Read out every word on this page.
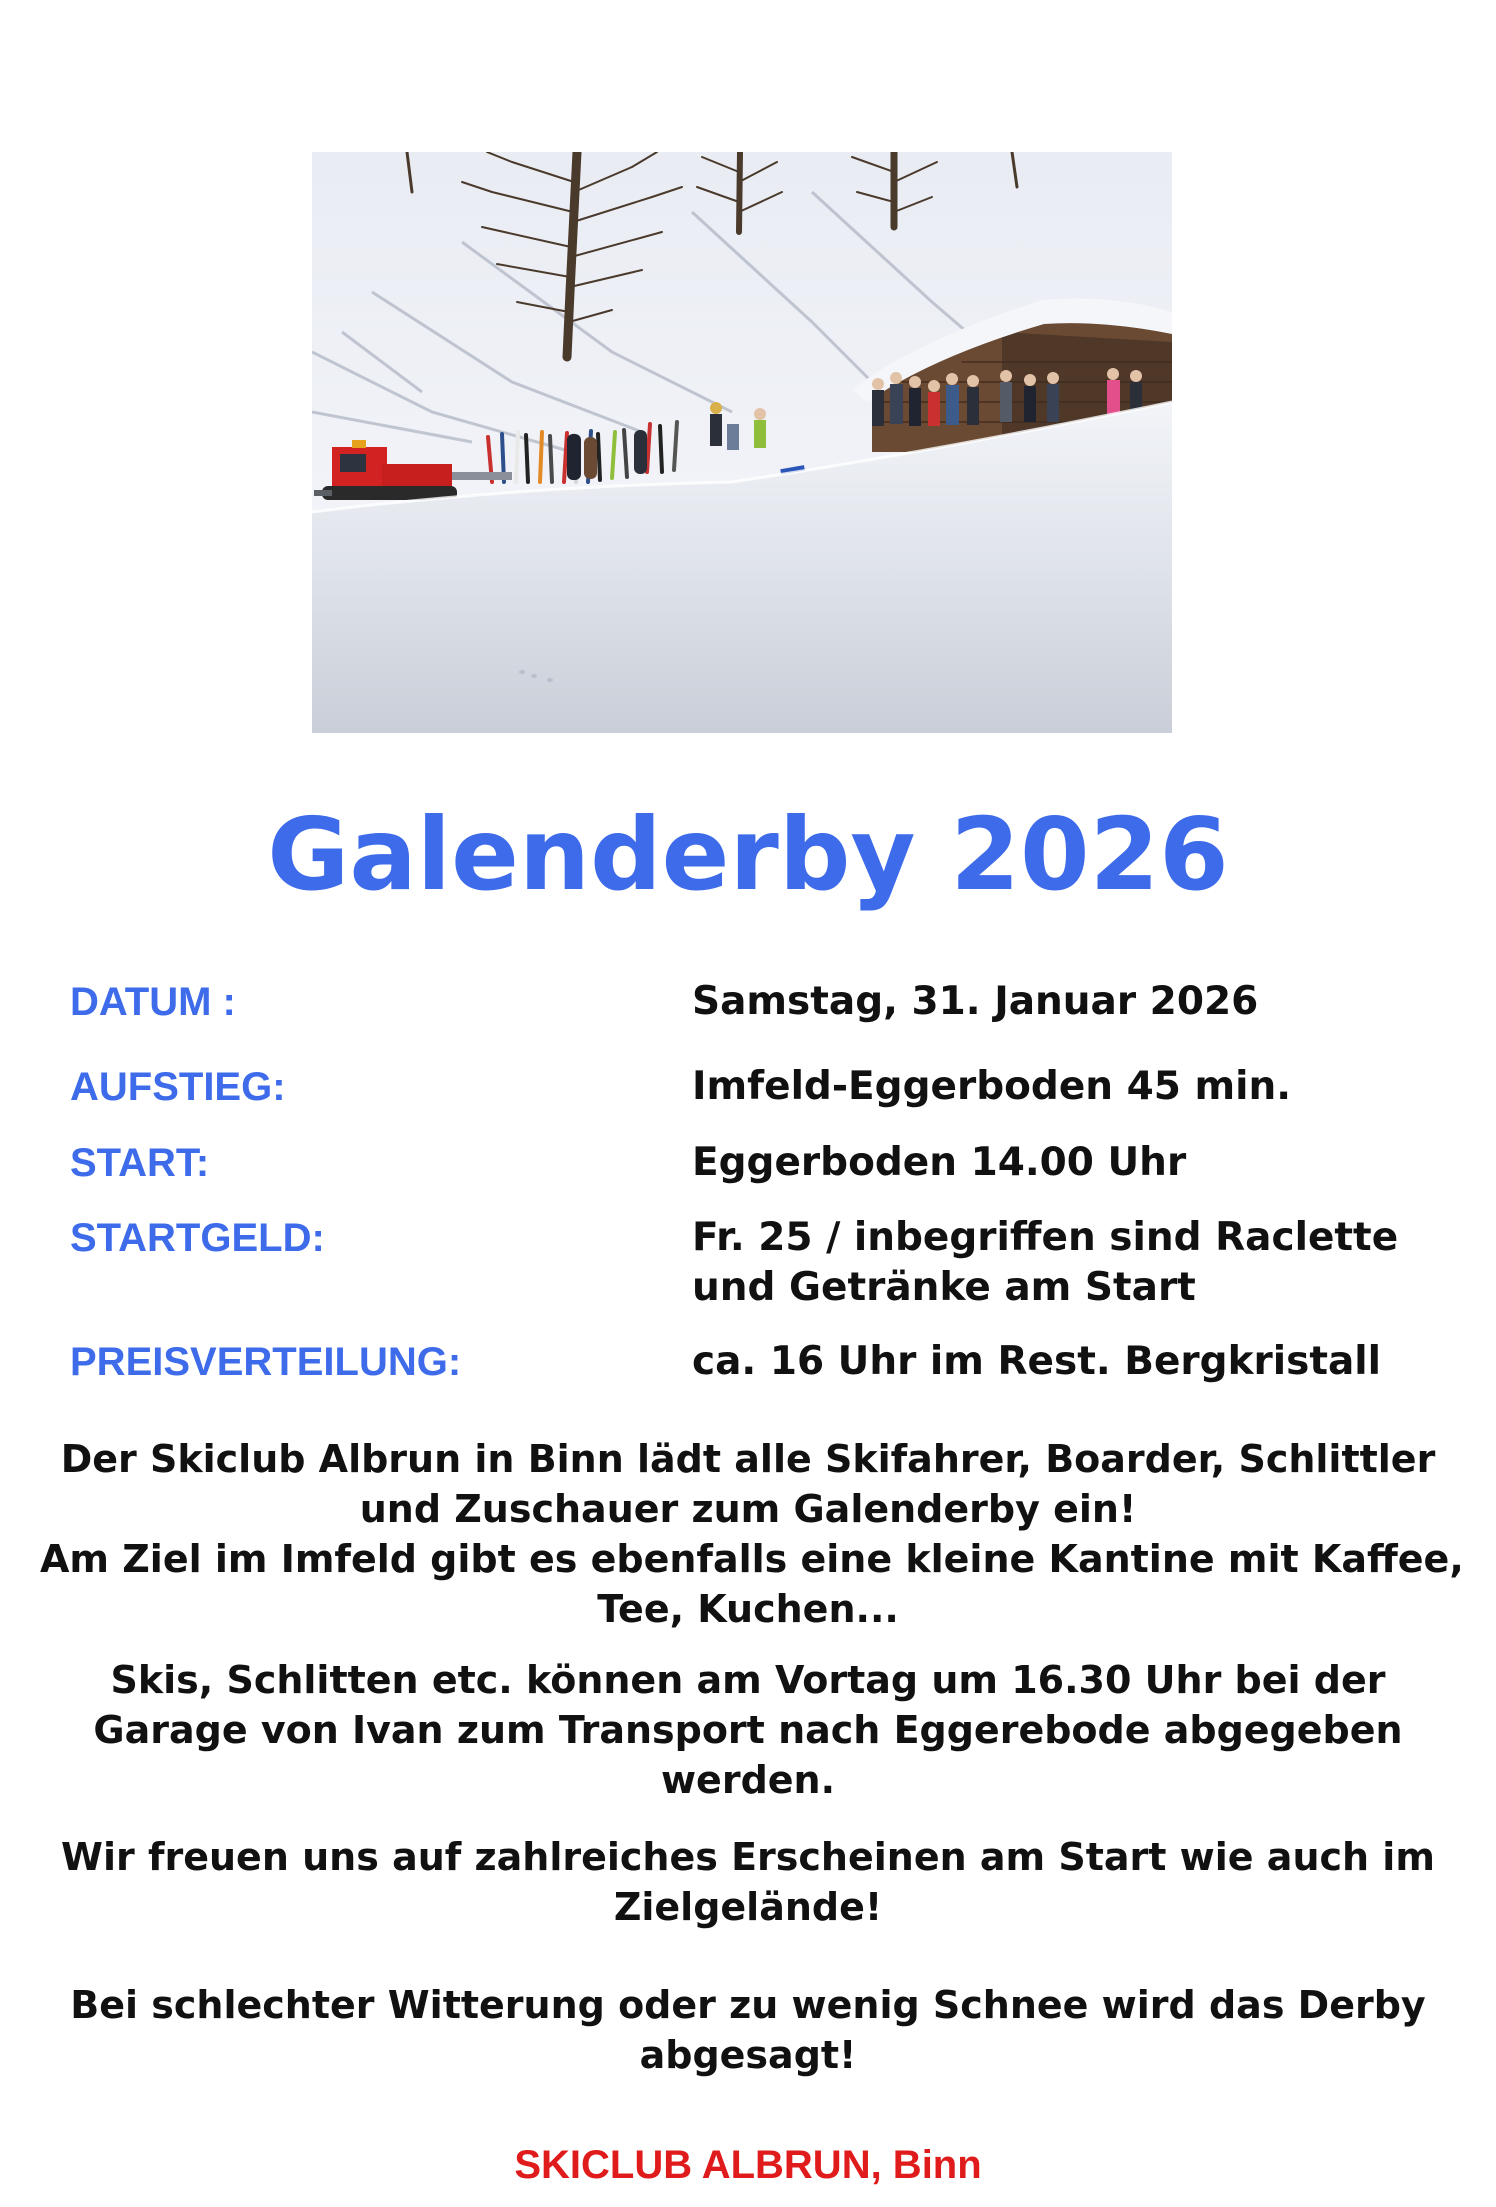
Galenderby 2026
DATUM :	Samstag, 31. Januar 2026
AUFSTIEG:	Imfeld-Eggerboden 45 min.
START:	Eggerboden 14.00 Uhr
STARTGELD:	Fr. 25 / inbegriffen sind Raclette
und Getränke am Start
PREISVERTEILUNG:	ca. 16 Uhr im Rest. Bergkristall
Der Skiclub Albrun in Binn lädt alle Skifahrer, Boarder, Schlittler
und Zuschauer zum Galenderby ein!
Am Ziel im Imfeld gibt es ebenfalls eine kleine Kantine mit Kaffee,
Tee, Kuchen...
Skis, Schlitten etc. können am Vortag um 16.30 Uhr bei der
Garage von Ivan zum Transport nach Eggerebode abgegeben
werden.
Wir freuen uns auf zahlreiches Erscheinen am Start wie auch im
Zielgelände!
Bei schlechter Witterung oder zu wenig Schnee wird das Derby
abgesagt!
SKICLUB ALBRUN, Binn
